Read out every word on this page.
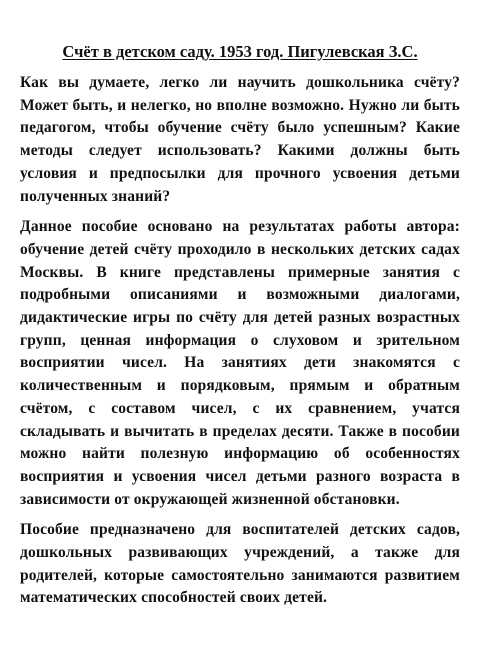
Счёт в детском саду. 1953 год. Пигулевская З.С.

Как вы думаете, легко ли научить дошкольника счёту? Может быть, и нелегко, но вполне возможно. Нужно ли быть педагогом, чтобы обучение счёту было успешным? Какие методы следует использовать? Какими должны быть условия и предпосылки для прочного усвоения детьми полученных знаний?

Данное пособие основано на результатах работы автора: обучение детей счёту проходило в нескольких детских садах Москвы. В книге представлены примерные занятия с подробными описаниями и возможными диалогами, дидактические игры по счёту для детей разных возрастных групп, ценная информация о слуховом и зрительном восприятии чисел. На занятиях дети знакомятся с количественным и порядковым, прямым и обратным счётом, с составом чисел, с их сравнением, учатся складывать и вычитать в пределах десяти. Также в пособии можно найти полезную информацию об особенностях восприятия и усвоения чисел детьми разного возраста в зависимости от окружающей жизненной обстановки.

Пособие предназначено для воспитателей детских садов, дошкольных развивающих учреждений, а также для родителей, которые самостоятельно занимаются развитием математических способностей своих детей.
